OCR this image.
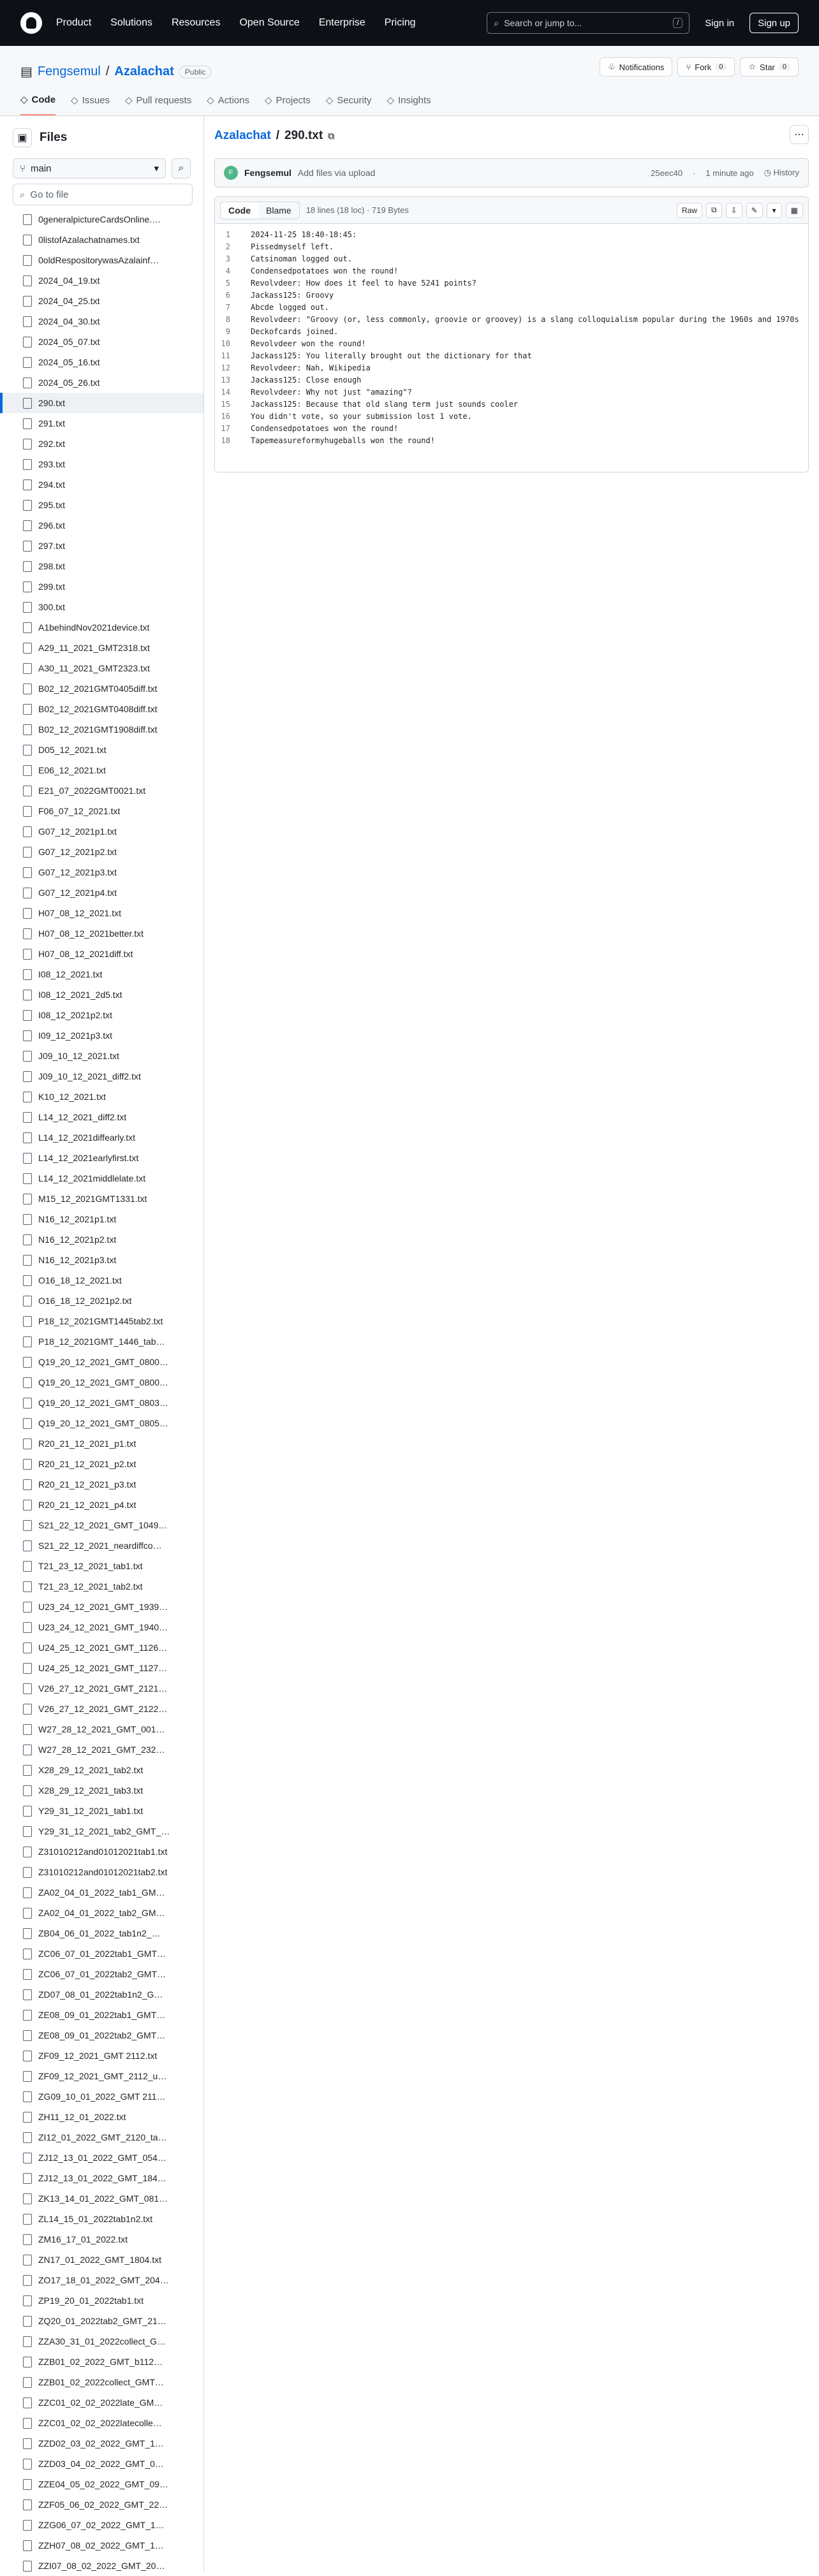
Product Solutions Resources Open Source Enterprise Pricing	⌕ Search or jump to...	/	Sign in	Sign up
▤ Fengsemul / Azalachat	Public
♧ Notifications	⑂ Fork	0	☆ Star	0
◇ Code ◇ Issues ◇ Pull requests ◇ Actions ◇ Projects ◇ Security ◇ Insights
▣	Files
⑂ main	▾ ⌕
⌕ Go to file
0generalpictureCardsOnline.…
0listofAzalachatnames.txt
0oldRespositorywasAzalainf…
2024_04_19.txt
2024_04_25.txt
2024_04_30.txt
2024_05_07.txt
2024_05_16.txt
2024_05_26.txt
290.txt
291.txt
292.txt
293.txt
294.txt
295.txt
296.txt
297.txt
298.txt
299.txt
300.txt
A1behindNov2021device.txt
A29_11_2021_GMT2318.txt
A30_11_2021_GMT2323.txt
B02_12_2021GMT0405diff.txt
B02_12_2021GMT0408diff.txt
B02_12_2021GMT1908diff.txt
D05_12_2021.txt
E06_12_2021.txt
E21_07_2022GMT0021.txt
F06_07_12_2021.txt
G07_12_2021p1.txt
G07_12_2021p2.txt
G07_12_2021p3.txt
G07_12_2021p4.txt
H07_08_12_2021.txt
H07_08_12_2021better.txt
H07_08_12_2021diff.txt
I08_12_2021.txt
I08_12_2021_2d5.txt
I08_12_2021p2.txt
I09_12_2021p3.txt
J09_10_12_2021.txt
J09_10_12_2021_diff2.txt
K10_12_2021.txt
L14_12_2021_diff2.txt
L14_12_2021diffearly.txt
L14_12_2021earlyfirst.txt
L14_12_2021middlelate.txt
M15_12_2021GMT1331.txt
N16_12_2021p1.txt
N16_12_2021p2.txt
N16_12_2021p3.txt
O16_18_12_2021.txt
O16_18_12_2021p2.txt
P18_12_2021GMT1445tab2.txt
P18_12_2021GMT_1446_tab…
Q19_20_12_2021_GMT_0800…
Q19_20_12_2021_GMT_0800…
Q19_20_12_2021_GMT_0803…
Q19_20_12_2021_GMT_0805…
R20_21_12_2021_p1.txt
R20_21_12_2021_p2.txt
R20_21_12_2021_p3.txt
R20_21_12_2021_p4.txt
S21_22_12_2021_GMT_1049…
S21_22_12_2021_neardiffco…
T21_23_12_2021_tab1.txt
T21_23_12_2021_tab2.txt
U23_24_12_2021_GMT_1939…
U23_24_12_2021_GMT_1940…
U24_25_12_2021_GMT_1126…
U24_25_12_2021_GMT_1127…
V26_27_12_2021_GMT_2121…
V26_27_12_2021_GMT_2122…
W27_28_12_2021_GMT_001…
W27_28_12_2021_GMT_232…
X28_29_12_2021_tab2.txt
X28_29_12_2021_tab3.txt
Y29_31_12_2021_tab1.txt
Y29_31_12_2021_tab2_GMT_…
Z31010212and01012021tab1.txt
Z31010212and01012021tab2.txt
ZA02_04_01_2022_tab1_GM…
ZA02_04_01_2022_tab2_GM…
ZB04_06_01_2022_tab1n2_…
ZC06_07_01_2022tab1_GMT…
ZC06_07_01_2022tab2_GMT…
ZD07_08_01_2022tab1n2_G…
ZE08_09_01_2022tab1_GMT…
ZE08_09_01_2022tab2_GMT…
ZF09_12_2021_GMT 2112.txt
ZF09_12_2021_GMT_2112_u…
ZG09_10_01_2022_GMT 211…
ZH11_12_01_2022.txt
ZI12_01_2022_GMT_2120_ta…
ZJ12_13_01_2022_GMT_054…
ZJ12_13_01_2022_GMT_184…
ZK13_14_01_2022_GMT_081…
ZL14_15_01_2022tab1n2.txt
ZM16_17_01_2022.txt
ZN17_01_2022_GMT_1804.txt
ZO17_18_01_2022_GMT_204…
ZP19_20_01_2022tab1.txt
ZQ20_01_2022tab2_GMT_21…
ZZA30_31_01_2022collect_G…
ZZB01_02_2022_GMT_b112…
ZZB01_02_2022collect_GMT…
ZZC01_02_02_2022late_GM…
ZZC01_02_02_2022latecolle…
ZZD02_03_02_2022_GMT_1…
ZZD03_04_02_2022_GMT_0…
ZZE04_05_02_2022_GMT_09…
ZZF05_06_02_2022_GMT_22…
ZZG06_07_02_2022_GMT_1…
ZZH07_08_02_2022_GMT_1…
ZZI07_08_02_2022_GMT_20…
Azalachat / 290.txt ⧉	⋯
F	Fengsemul Add files via upload	25eec40 · 1 minute ago ◷ History
Code	Blame	18 lines (18 loc) · 719 Bytes	Raw	⧉	⇩	✎	▾	▦
1	2024-11-25 18:40-18:45:
2	Pissedmyself left.
3	Catsinoman logged out.
4	Condensedpotatoes won the round!
5	Revolvdeer: How does it feel to have 5241 points?
6	Jackass125: Groovy
7	Abcde logged out.
8	Revolvdeer: "Groovy (or, less commonly, groovie or groovey) is a slang colloquialism popular during the 1960s and 1970s
9	Deckofcards joined.
10	Revolvdeer won the round!
11	Jackass125: You literally brought out the dictionary for that
12	Revolvdeer: Nah, Wikipedia
13	Jackass125: Close enough
14	Revolvdeer: Why not just "amazing"?
15	Jackass125: Because that old slang term just sounds cooler
16	You didn't vote, so your submission lost 1 vote.
17	Condensedpotatoes won the round!
18	Tapemeasureformyhugeballs won the round!
